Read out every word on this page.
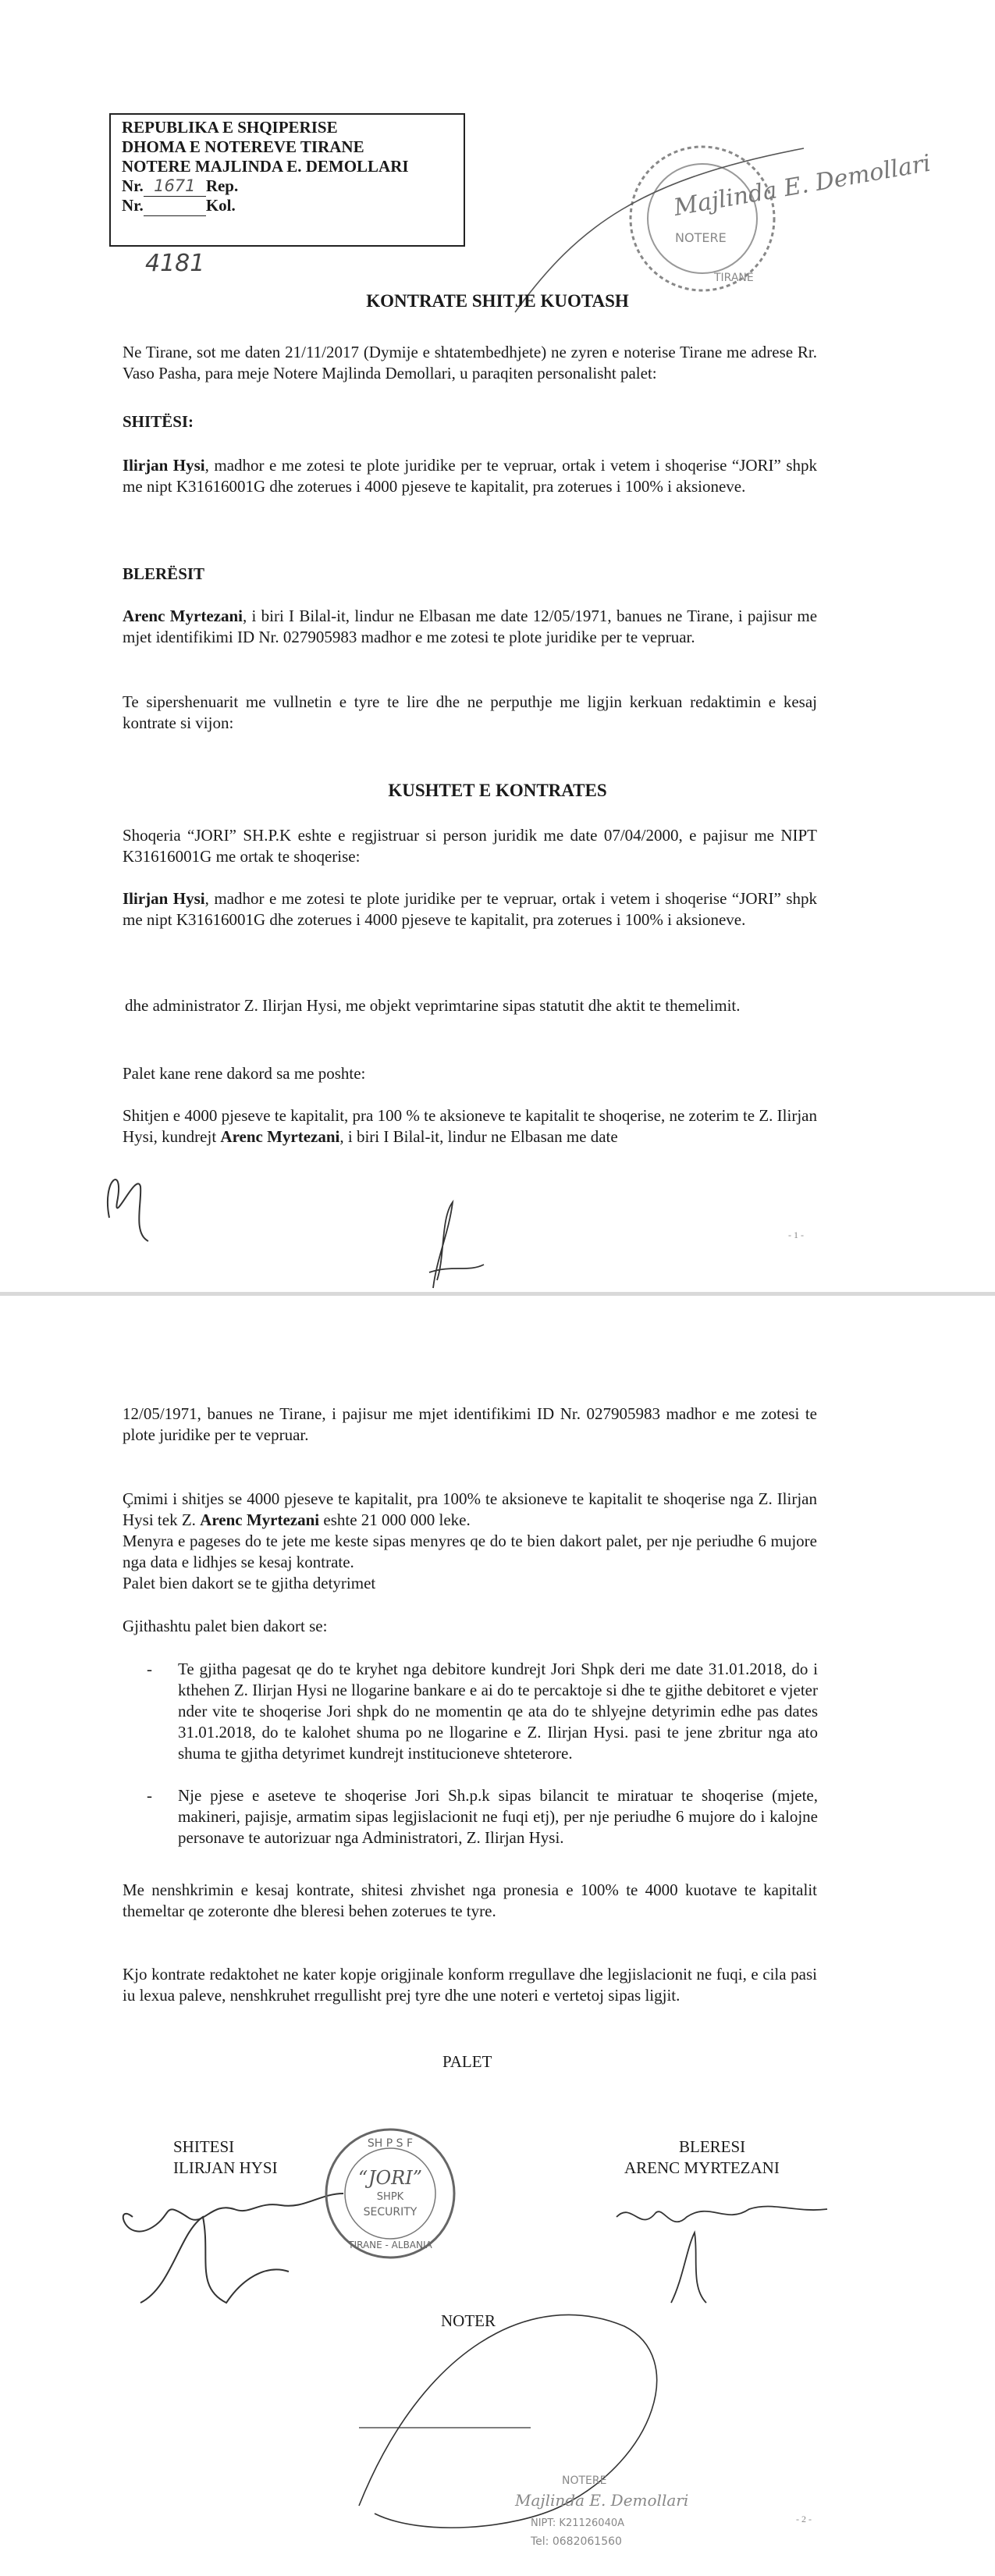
REPUBLIKA E SHQIPERISE
DHOMA E NOTEREVE TIRANE
NOTERE MAJLINDA E. DEMOLLARI
Nr. 1671 Rep.
Nr.	Kol.
4181
Majlinda E. Demollari
NOTERE
TIRANE
KONTRATE SHITJE KUOTASH
Ne Tirane, sot me daten 21/11/2017 (Dymije e shtatembedhjete) ne zyren e noterise Tirane me adrese Rr. Vaso Pasha, para meje Notere Majlinda Demollari, u paraqiten personalisht palet:
SHITËSI:
Ilirjan Hysi, madhor e me zotesi te plote juridike per te vepruar, ortak i vetem i shoqerise “JORI” shpk me nipt K31616001G dhe zoterues i 4000 pjeseve te kapitalit, pra zoterues i 100% i aksioneve.
BLERËSIT
Arenc Myrtezani, i biri I Bilal-it, lindur ne Elbasan me date 12/05/1971, banues ne Tirane, i pajisur me mjet identifikimi ID Nr. 027905983 madhor e me zotesi te plote juridike per te vepruar.
Te sipershenuarit me vullnetin e tyre te lire dhe ne perputhje me ligjin kerkuan redaktimin e kesaj kontrate si vijon:
KUSHTET E KONTRATES
Shoqeria “JORI” SH.P.K eshte e regjistruar si person juridik me date 07/04/2000, e pajisur me NIPT K31616001G me ortak te shoqerise:
Ilirjan Hysi, madhor e me zotesi te plote juridike per te vepruar, ortak i vetem i shoqerise “JORI” shpk me nipt K31616001G dhe zoterues i 4000 pjeseve te kapitalit, pra zoterues i 100% i aksioneve.
dhe administrator Z. Ilirjan Hysi, me objekt veprimtarine sipas statutit dhe aktit te themelimit.
Palet kane rene dakord sa me poshte:
Shitjen e 4000 pjeseve te kapitalit, pra 100 % te aksioneve te kapitalit te shoqerise, ne zoterim te Z. Ilirjan Hysi, kundrejt Arenc Myrtezani, i biri I Bilal-it, lindur ne Elbasan me date
- 1 -
12/05/1971, banues ne Tirane, i pajisur me mjet identifikimi ID Nr. 027905983 madhor e me zotesi te plote juridike per te vepruar.
Çmimi i shitjes se 4000 pjeseve te kapitalit, pra 100% te aksioneve te kapitalit te shoqerise nga Z. Ilirjan Hysi tek Z. Arenc Myrtezani eshte 21 000 000 leke.
Menyra e pageses do te jete me keste sipas menyres qe do te bien dakort palet, per nje periudhe 6 mujore nga data e lidhjes se kesaj kontrate.
Palet bien dakort se te gjitha detyrimet
Gjithashtu palet bien dakort se:
- Te gjitha pagesat qe do te kryhet nga debitore kundrejt Jori Shpk deri me date 31.01.2018, do i kthehen Z. Ilirjan Hysi ne llogarine bankare e ai do te percaktoje si dhe te gjithe debitoret e vjeter nder vite te shoqerise Jori shpk do ne momentin qe ata do te shlyejne detyrimin edhe pas dates 31.01.2018, do te kalohet shuma po ne llogarine e Z. Ilirjan Hysi. pasi te jene zbritur nga ato shuma te gjitha detyrimet kundrejt institucioneve shteterore.
- Nje pjese e aseteve te shoqerise Jori Sh.p.k sipas bilancit te miratuar te shoqerise (mjete, makineri, pajisje, armatim sipas legjislacionit ne fuqi etj), per nje periudhe 6 mujore do i kalojne personave te autorizuar nga Administratori, Z. Ilirjan Hysi.
Me nenshkrimin e kesaj kontrate, shitesi zhvishet nga pronesia e 100% te 4000 kuotave te kapitalit themeltar qe zoteronte dhe bleresi behen zoterues te tyre.
Kjo kontrate redaktohet ne kater kopje origjinale konform rregullave dhe legjislacionit ne fuqi, e cila pasi iu lexua paleve, nenshkruhet rregullisht prej tyre dhe une noteri e vertetoj sipas ligjit.
PALET
SHITESI
ILIRJAN HYSI
BLERESI
ARENC MYRTEZANI
NOTER
SH P S F
“JORI”
SHPK
SECURITY
TIRANE - ALBANIA
NOTERE
Majlinda E. Demollari
NIPT: K21126040A
Tel: 0682061560
- 2 -
